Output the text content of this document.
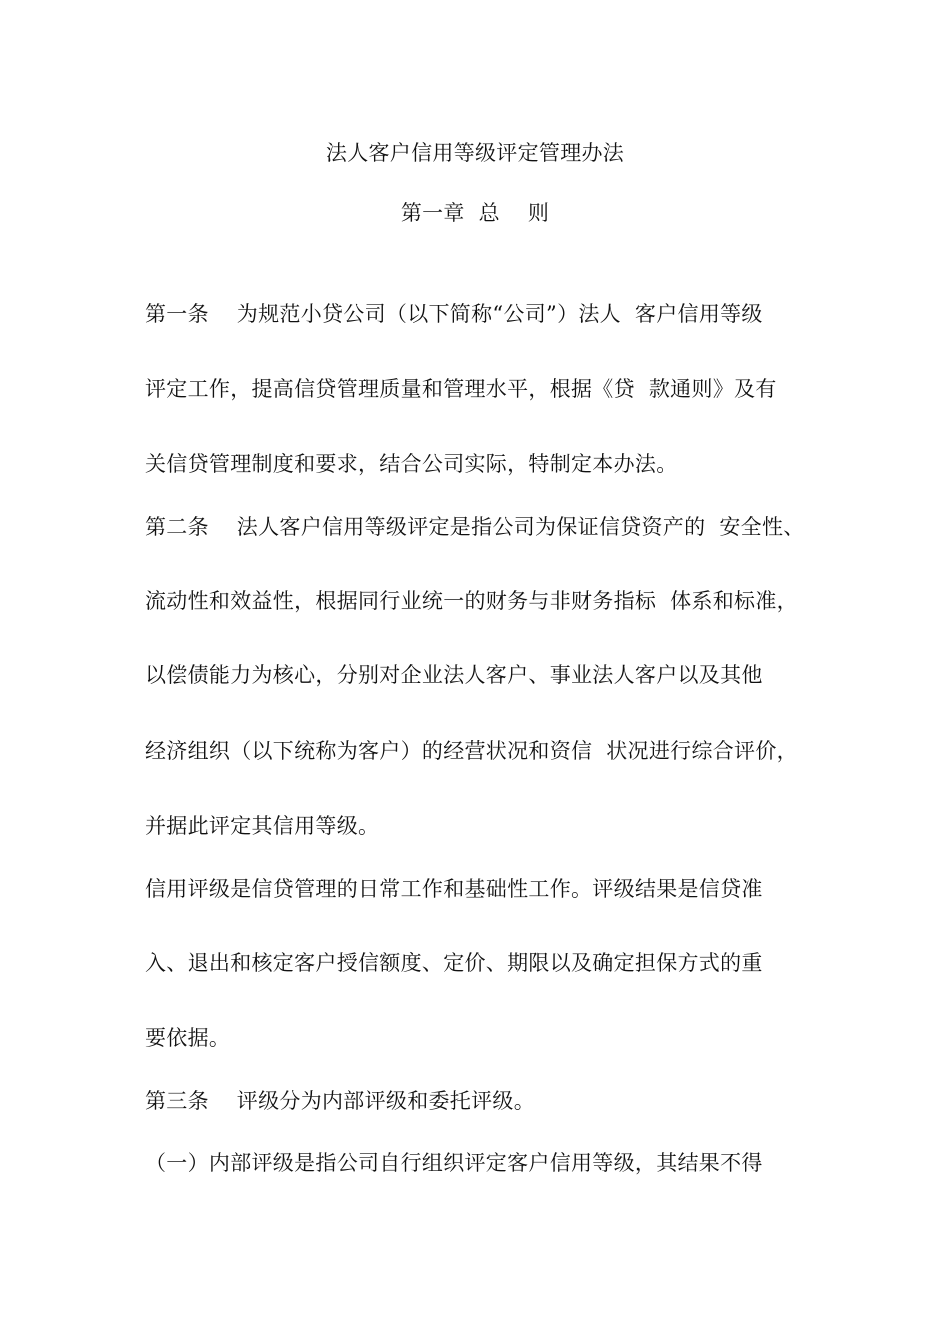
法人客户信用等级评定管理办法
第一章  总    则
第一条    为规范小贷公司（以下简称“公司”）法人  客户信用等级
评定工作，提高信贷管理质量和管理水平，根据《贷  款通则》及有
关信贷管理制度和要求，结合公司实际，特制定本办法。
第二条    法人客户信用等级评定是指公司为保证信贷资产的  安全性、
流动性和效益性，根据同行业统一的财务与非财务指标  体系和标准，
以偿债能力为核心，分别对企业法人客户、事业法人客户以及其他
经济组织（以下统称为客户）的经营状况和资信  状况进行综合评价，
并据此评定其信用等级。
信用评级是信贷管理的日常工作和基础性工作。评级结果是信贷准
入、退出和核定客户授信额度、定价、期限以及确定担保方式的重
要依据。
第三条    评级分为内部评级和委托评级。
（一）内部评级是指公司自行组织评定客户信用等级，其结果不得
